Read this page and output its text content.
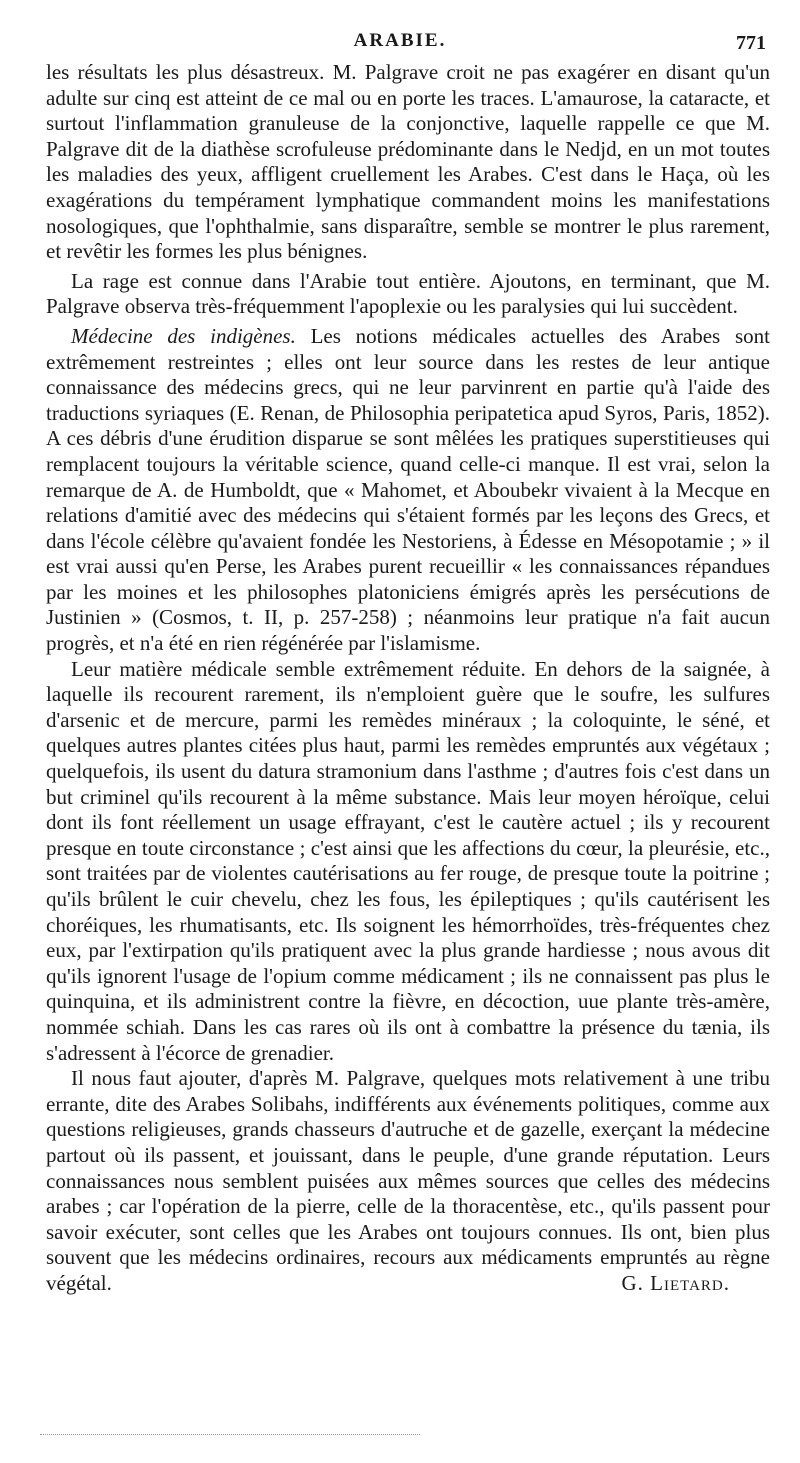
ARABIE.	771

les résultats les plus désastreux. M. Palgrave croit ne pas exagérer en disant qu'un adulte sur cinq est atteint de ce mal ou en porte les traces. L'amaurose, la cataracte, et surtout l'inflammation granuleuse de la conjonctive, laquelle rappelle ce que M. Palgrave dit de la diathèse scrofuleuse prédominante dans le Nedjd, en un mot toutes les maladies des yeux, affligent cruellement les Arabes. C'est dans le Haça, où les exagérations du tempérament lymphatique commandent moins les manifestations nosologiques, que l'ophthalmie, sans disparaître, semble se montrer le plus rarement, et revêtir les formes les plus bénignes.

La rage est connue dans l'Arabie tout entière. Ajoutons, en terminant, que M. Palgrave observa très-fréquemment l'apoplexie ou les paralysies qui lui succèdent.

Médecine des indigènes. Les notions médicales actuelles des Arabes sont extrêmement restreintes ; elles ont leur source dans les restes de leur antique connaissance des médecins grecs, qui ne leur parvinrent en partie qu'à l'aide des traductions syriaques (E. Renan, de Philosophia peripatetica apud Syros, Paris, 1852). A ces débris d'une érudition disparue se sont mêlées les pratiques superstitieuses qui remplacent toujours la véritable science, quand celle-ci manque. Il est vrai, selon la remarque de A. de Humboldt, que « Mahomet, et Aboubekr vivaient à la Mecque en relations d'amitié avec des médecins qui s'étaient formés par les leçons des Grecs, et dans l'école célèbre qu'avaient fondée les Nestoriens, à Édesse en Mésopotamie ; » il est vrai aussi qu'en Perse, les Arabes purent recueillir « les connaissances répandues par les moines et les philosophes platoniciens émigrés après les persécutions de Justinien » (Cosmos, t. II, p. 257-258) ; néanmoins leur pratique n'a fait aucun progrès, et n'a été en rien régénérée par l'islamisme.

Leur matière médicale semble extrêmement réduite. En dehors de la saignée, à laquelle ils recourent rarement, ils n'emploient guère que le soufre, les sulfures d'arsenic et de mercure, parmi les remèdes minéraux ; la coloquinte, le séné, et quelques autres plantes citées plus haut, parmi les remèdes empruntés aux végétaux ; quelquefois, ils usent du datura stramonium dans l'asthme ; d'autres fois c'est dans un but criminel qu'ils recourent à la même substance. Mais leur moyen héroïque, celui dont ils font réellement un usage effrayant, c'est le cautère actuel ; ils y recourent presque en toute circonstance ; c'est ainsi que les affections du cœur, la pleurésie, etc., sont traitées par de violentes cautérisations au fer rouge, de presque toute la poitrine ; qu'ils brûlent le cuir chevelu, chez les fous, les épileptiques ; qu'ils cautérisent les choréiques, les rhumatisants, etc. Ils soignent les hémorrhoïdes, très-fréquentes chez eux, par l'extirpation qu'ils pratiquent avec la plus grande hardiesse ; nous avous dit qu'ils ignorent l'usage de l'opium comme médicament ; ils ne connaissent pas plus le quinquina, et ils administrent contre la fièvre, en décoction, uue plante très-amère, nommée schiah. Dans les cas rares où ils ont à combattre la présence du tænia, ils s'adressent à l'écorce de grenadier.

Il nous faut ajouter, d'après M. Palgrave, quelques mots relativement à une tribu errante, dite des Arabes Solibahs, indifférents aux événements politiques, comme aux questions religieuses, grands chasseurs d'autruche et de gazelle, exerçant la médecine partout où ils passent, et jouissant, dans le peuple, d'une grande réputation. Leurs connaissances nous semblent puisées aux mêmes sources que celles des médecins arabes ; car l'opération de la pierre, celle de la thoracentèse, etc., qu'ils passent pour savoir exécuter, sont celles que les Arabes ont toujours connues. Ils ont, bien plus souvent que les médecins ordinaires, recours aux médicaments empruntés au règne végétal.	G. Lietard.
